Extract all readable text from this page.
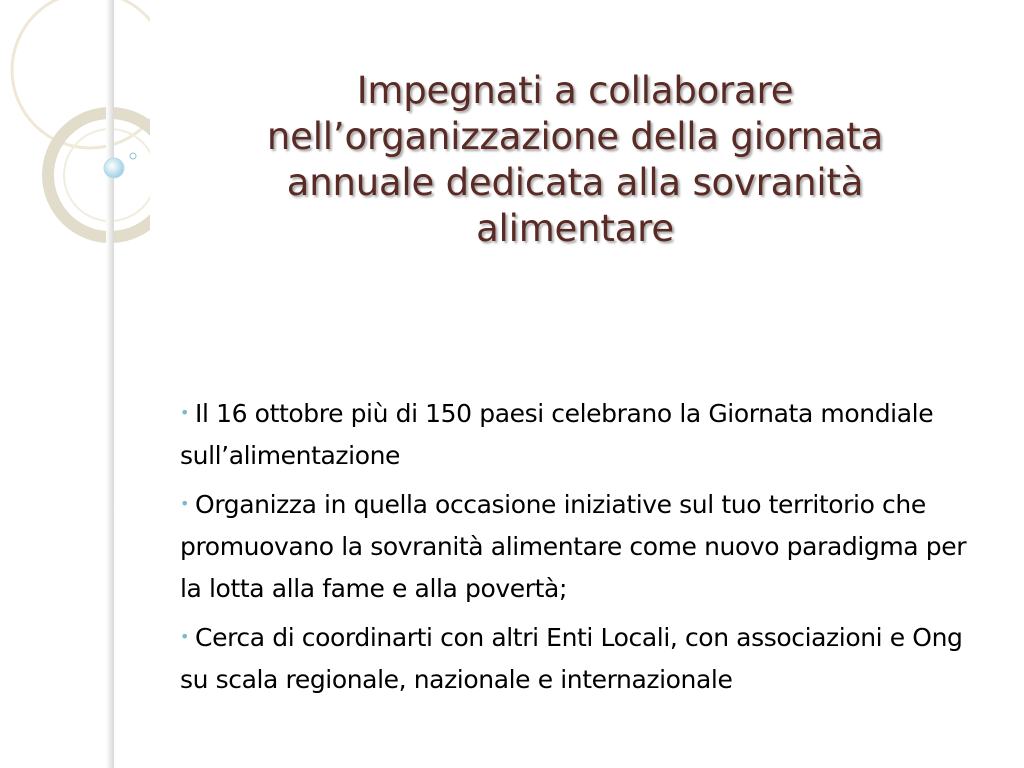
Impegnati a collaborare
nell’organizzazione della giornata
annuale dedicata alla sovranità
alimentare
• Il 16 ottobre più di 150 paesi celebrano la Giornata mondiale sull’alimentazione
• Organizza in quella occasione iniziative sul tuo territorio che promuovano la sovranità alimentare come nuovo paradigma per la lotta alla fame e alla povertà;
• Cerca di coordinarti con altri Enti Locali, con associazioni e Ong su scala regionale, nazionale e internazionale
